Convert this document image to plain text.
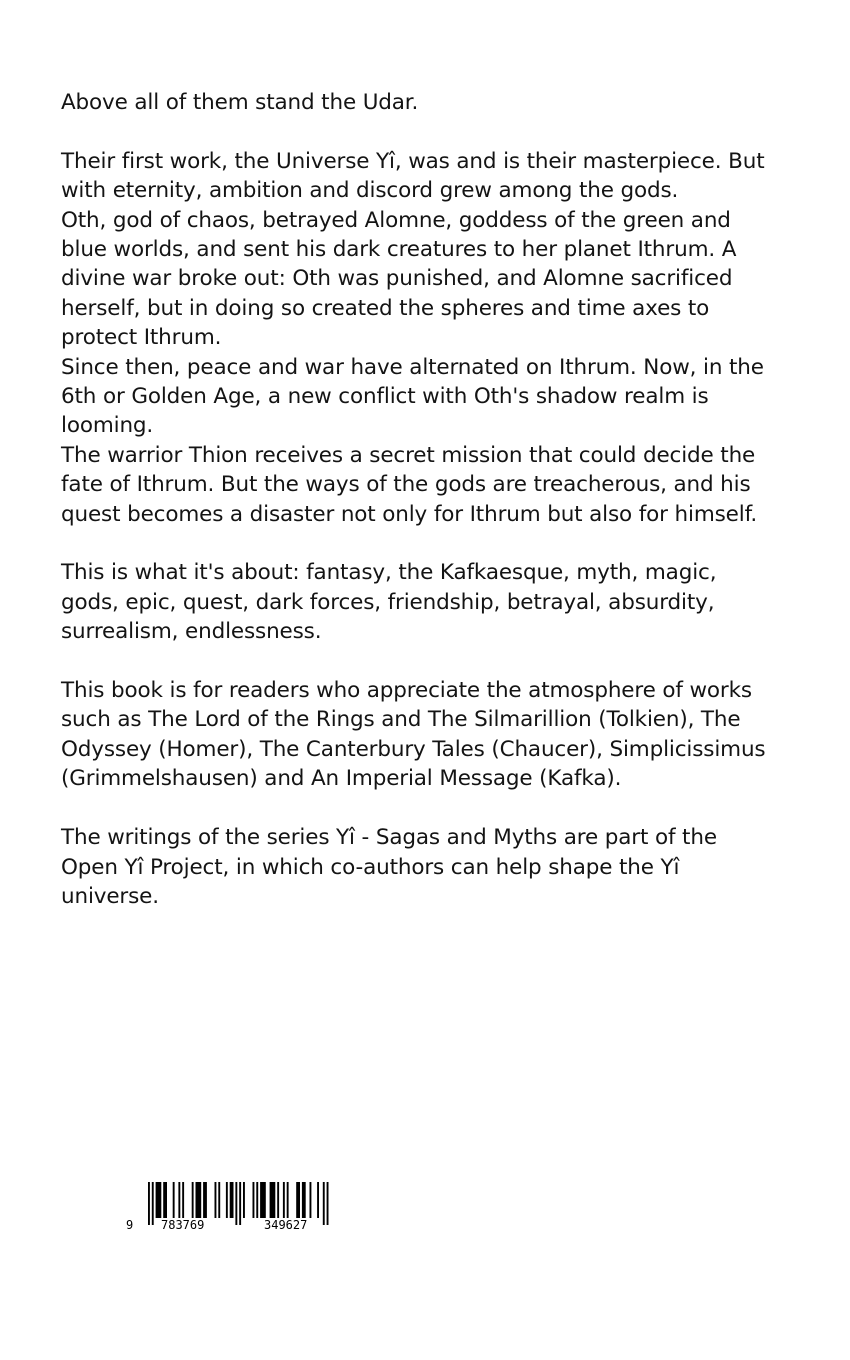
Above all of them stand the Udar.

Their first work, the Universe Yî, was and is their masterpiece. But with eternity, ambition and discord grew among the gods.

Oth, god of chaos, betrayed Alomne, goddess of the green and blue worlds, and sent his dark creatures to her planet Ithrum. A divine war broke out: Oth was punished, and Alomne sacrificed herself, but in doing so created the spheres and time axes to protect Ithrum.

Since then, peace and war have alternated on Ithrum. Now, in the 6th or Golden Age, a new conflict with Oth's shadow realm is looming.

The warrior Thion receives a secret mission that could decide the fate of Ithrum. But the ways of the gods are treacherous, and his quest becomes a disaster not only for Ithrum but also for himself.

This is what it's about: fantasy, the Kafkaesque, myth, magic, gods, epic, quest, dark forces, friendship, betrayal, absurdity, surrealism, endlessness.

This book is for readers who appreciate the atmosphere of works such as The Lord of the Rings and The Silmarillion (Tolkien), The Odyssey (Homer), The Canterbury Tales (Chaucer), Simplicissimus (Grimmelshausen) and An Imperial Message (Kafka).

The writings of the series Yî - Sagas and Myths are part of the Open Yî Project, in which co-authors can help shape the Yî universe.

9 783769	349627
